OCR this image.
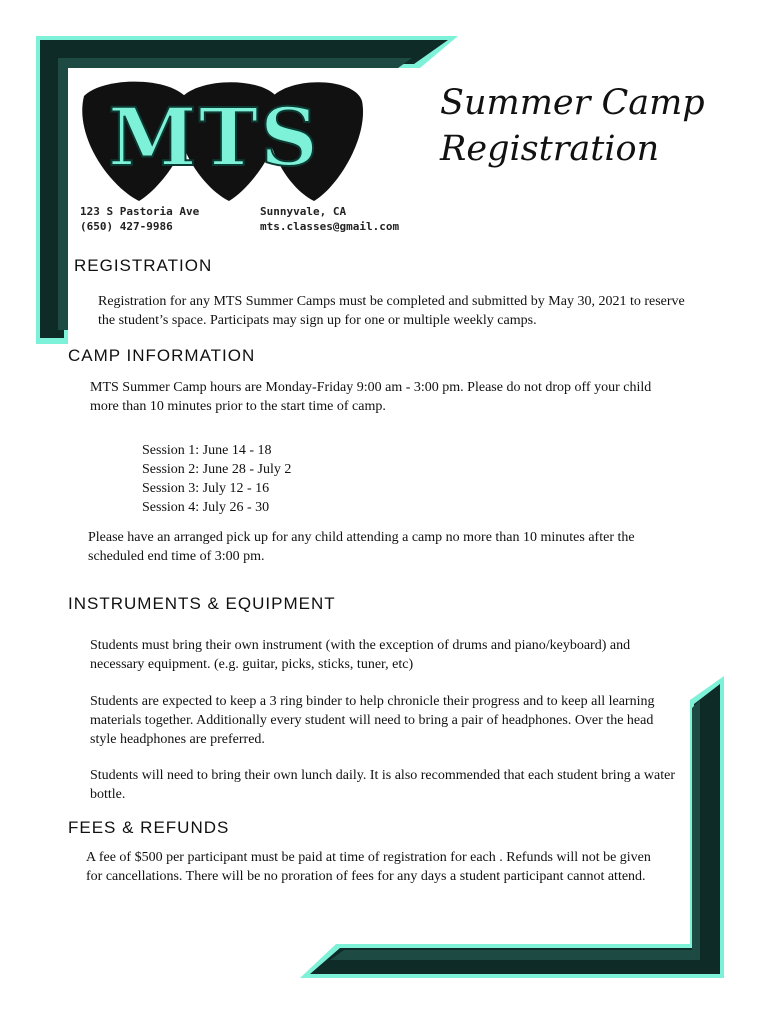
MTS
123 S Pastoria Ave
(650) 427-9986
Sunnyvale, CA
mts.classes@gmail.com
Summer Camp
Registration
REGISTRATION
Registration for any MTS Summer Camps must be completed and submitted by May 30, 2021 to reserve the student’s space. Participats may sign up for one or multiple weekly camps.
CAMP INFORMATION
MTS Summer Camp hours are Monday-Friday 9:00 am - 3:00 pm. Please do not drop off your child more than 10 minutes prior to the start time of camp.
Session 1: June 14 - 18
Session 2: June 28 - July 2
Session 3: July 12 - 16
Session 4: July 26 - 30
Please have an arranged pick up for any child attending a camp no more than 10 minutes after the scheduled end time of 3:00 pm.
INSTRUMENTS & EQUIPMENT
Students must bring their own instrument (with the exception of drums and piano/keyboard) and necessary equipment. (e.g. guitar, picks, sticks, tuner, etc)
Students are expected to keep a 3 ring binder to help chronicle their progress and to keep all learning materials together. Additionally every student will need to bring a pair of headphones. Over the head style headphones are preferred.
Students will need to bring their own lunch daily. It is also recommended that each student bring a water bottle.
FEES & REFUNDS
A fee of $500 per participant must be paid at time of registration for each . Refunds will not be given for cancellations. There will be no proration of fees for any days a student participant cannot attend.
